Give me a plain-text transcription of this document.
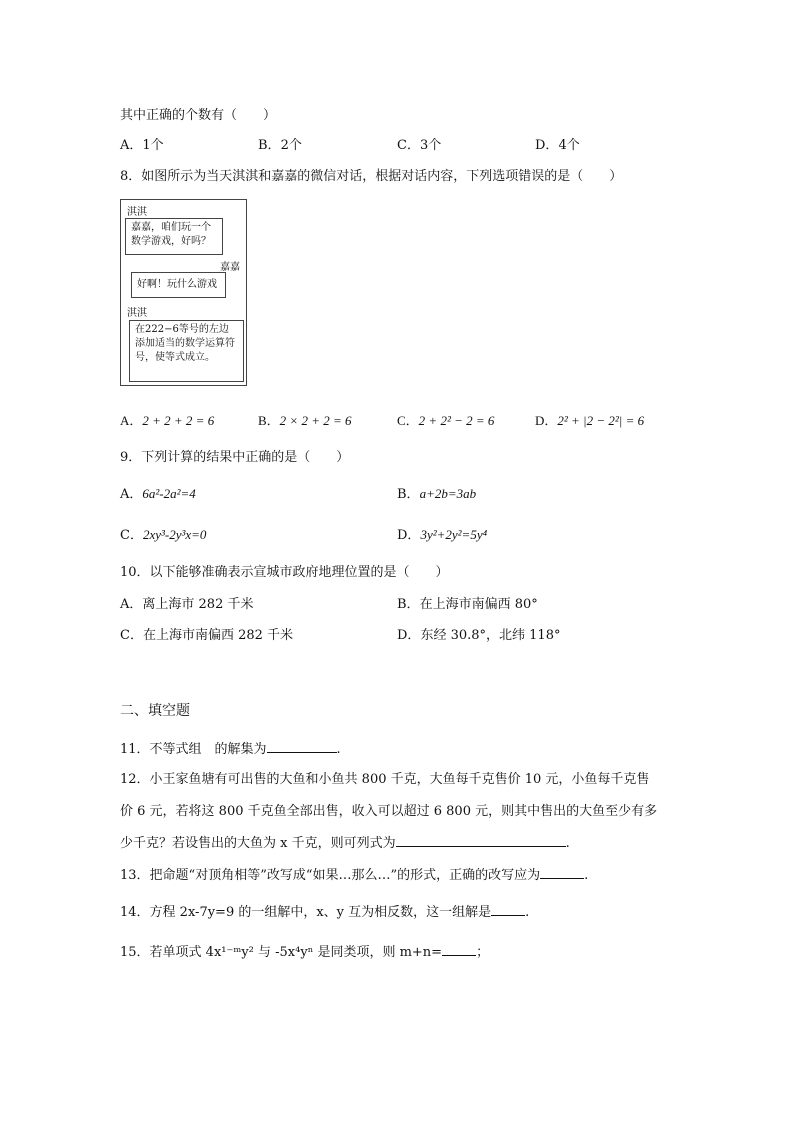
其中正确的个数有（　　）
A．1个	B．2个	C．3个	D．4个
8．如图所示为当天淇淇和嘉嘉的微信对话，根据对话内容，下列选项错误的是（　　）
淇淇
嘉嘉，咱们玩一个数学游戏，好吗？
嘉嘉
好啊！玩什么游戏
淇淇
在222−6等号的左边添加适当的数学运算符号，使等式成立。
A．2 + 2 + 2 = 6	B．2 × 2 + 2 = 6	C．2 + 2² − 2 = 6	D．2² + |2 − 2²| = 6
9．下列计算的结果中正确的是（　　）
A．6a²-2a²=4	B．a+2b=3ab
C．2xy³-2y³x=0	D．3y²+2y²=5y⁴
10．以下能够准确表示宣城市政府地理位置的是（　　）
A．离上海市 282 千米	B．在上海市南偏西 80°
C．在上海市南偏西 282 千米	D．东经 30.8°，北纬 118°
二、填空题
11．不等式组　的解集为	.
12．小王家鱼塘有可出售的大鱼和小鱼共 800 千克，大鱼每千克售价 10 元，小鱼每千克售
价 6 元，若将这 800 千克鱼全部出售，收入可以超过 6 800 元，则其中售出的大鱼至少有多
少千克？若设售出的大鱼为 x 千克，则可列式为	.
13．把命题“对顶角相等”改写成“如果…那么…”的形式，正确的改写应为	.
14．方程 2x-7y=9 的一组解中，x、y 互为相反数，这一组解是	.
15．若单项式 4x¹⁻ᵐy² 与 -5x⁴yⁿ 是同类项，则 m+n=	；
